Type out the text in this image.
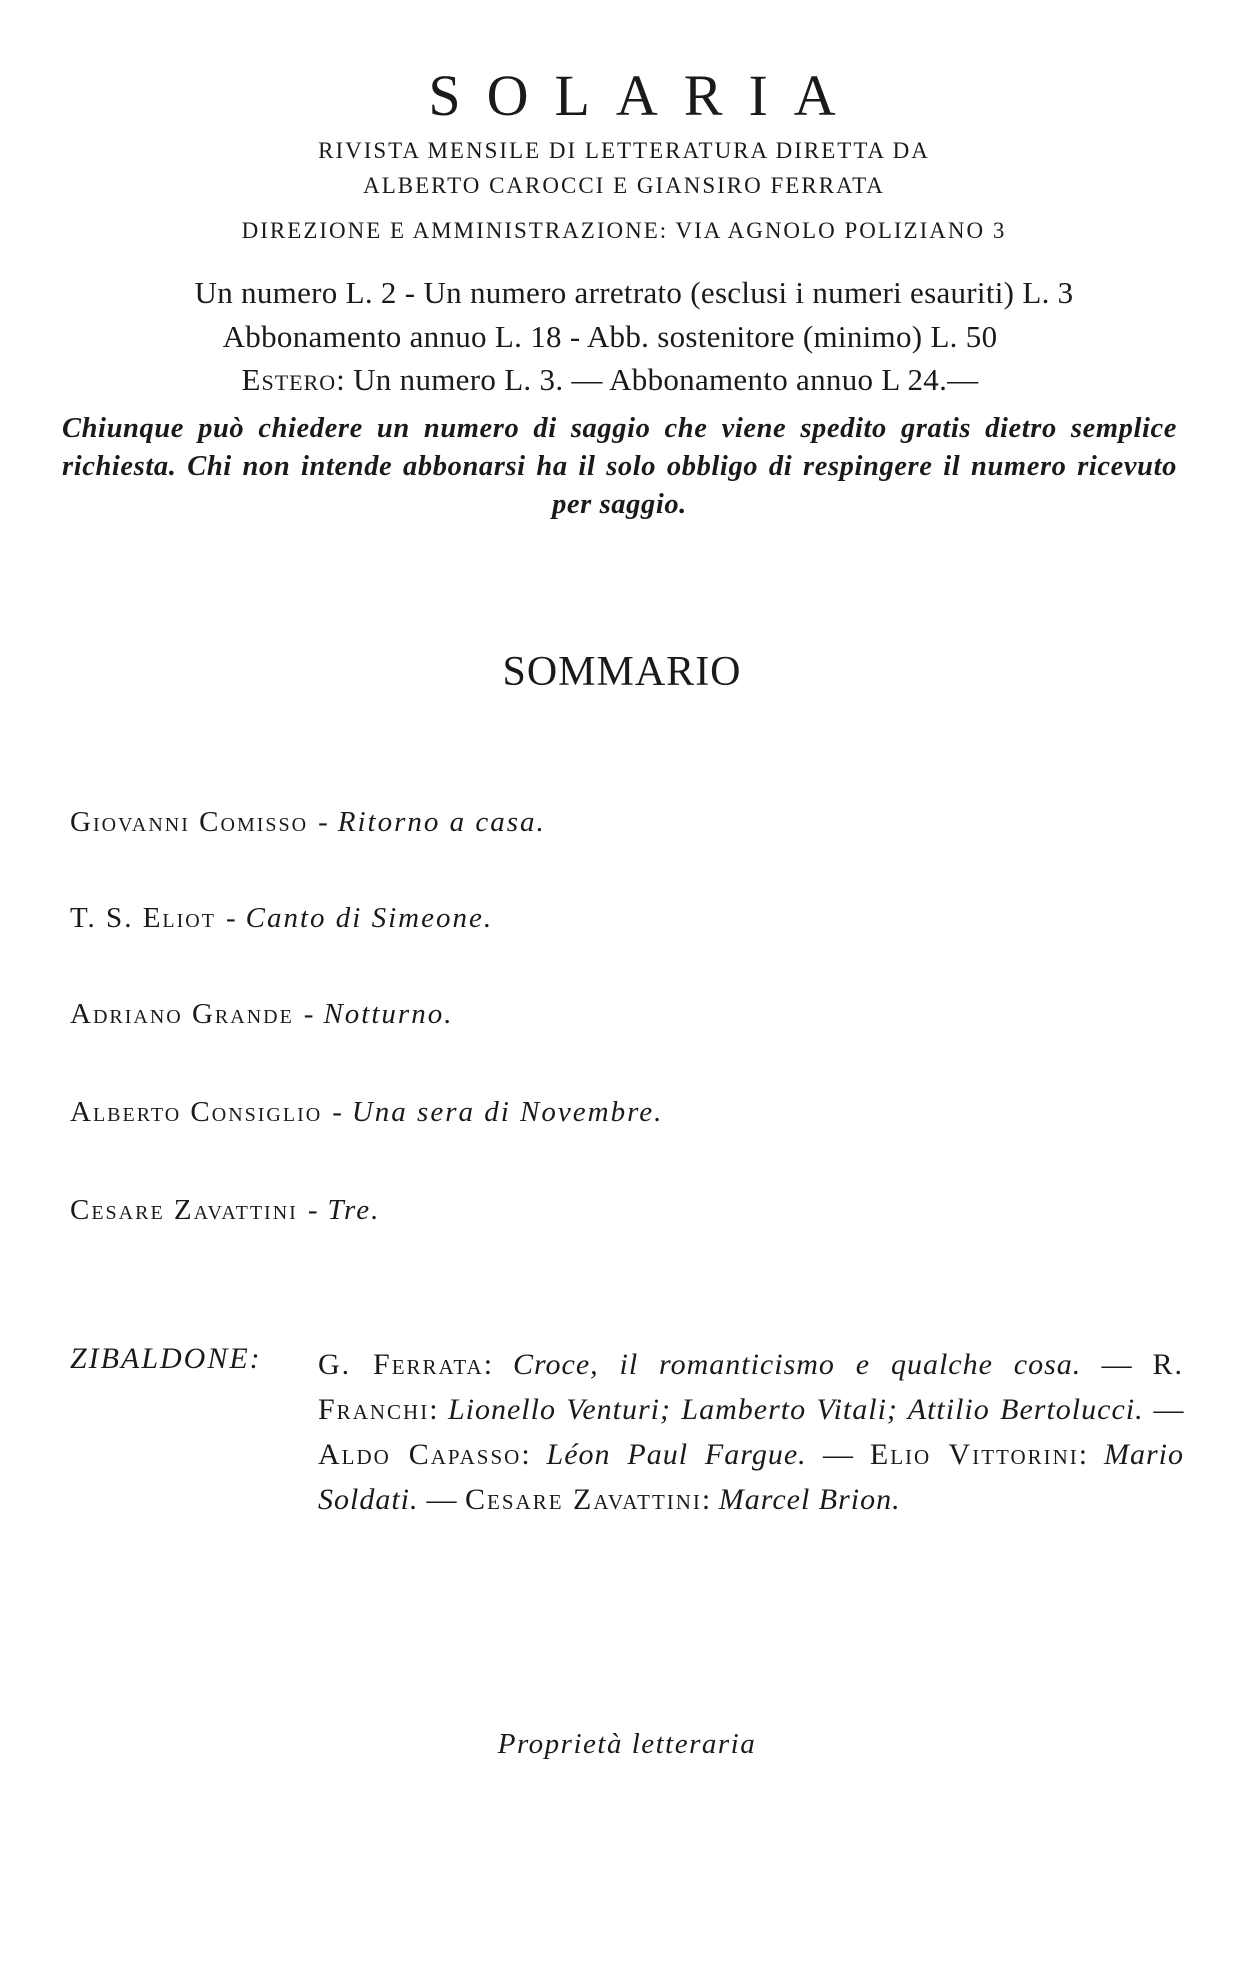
SOLARIA
RIVISTA MENSILE DI LETTERATURA DIRETTA DA
ALBERTO CAROCCI E GIANSIRO FERRATA
DIREZIONE E AMMINISTRAZIONE: VIA AGNOLO POLIZIANO 3
Un numero L. 2 - Un numero arretrato (esclusi i numeri esauriti) L. 3
Abbonamento annuo L. 18 - Abb. sostenitore (minimo) L. 50
Estero: Un numero L. 3. — Abbonamento annuo L 24.—
Chiunque può chiedere un numero di saggio che viene spedito gratis dietro semplice richiesta. Chi non intende abbonarsi ha il solo obbligo di respingere il numero ricevuto per saggio.
SOMMARIO
Giovanni Comisso - Ritorno a casa.
T. S. Eliot - Canto di Simeone.
Adriano Grande - Notturno.
Alberto Consiglio - Una sera di Novembre.
Cesare Zavattini - Tre.
ZIBALDONE: G. Ferrata: Croce, il romanticismo e qualche cosa. — R. Franchi: Lionello Venturi; Lamberto Vitali; Attilio Bertolucci. — Aldo Capasso: Léon Paul Fargue. — Elio Vittorini: Mario Soldati. — Cesare Zavattini: Marcel Brion.
Proprietà letteraria
